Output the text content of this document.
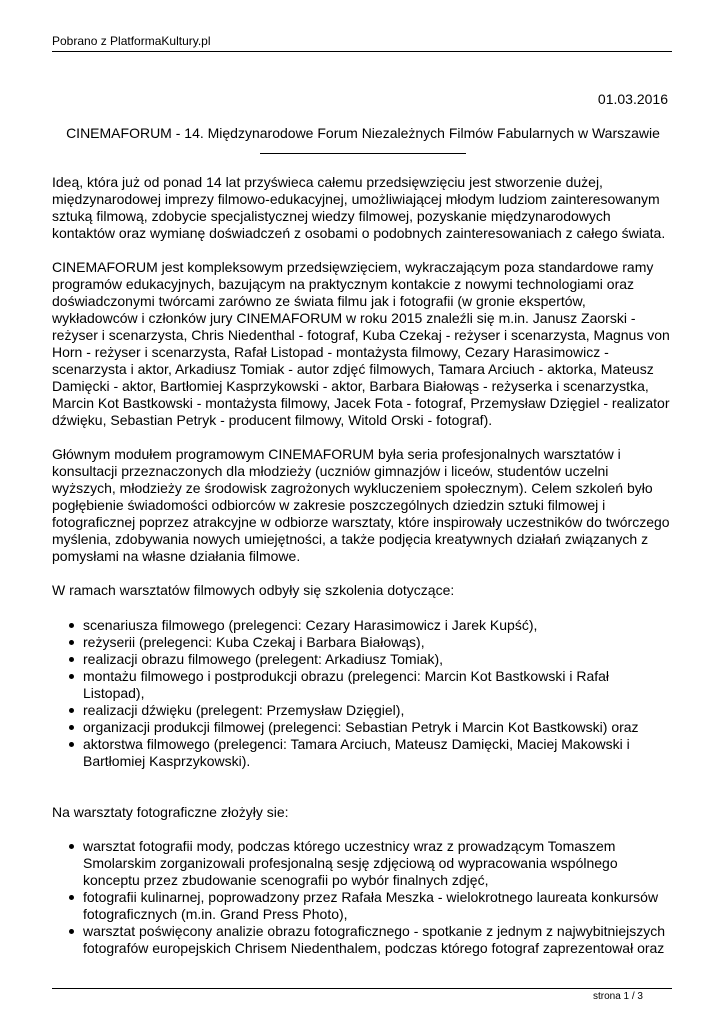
Pobrano z PlatformaKultury.pl
01.03.2016
CINEMAFORUM - 14. Międzynarodowe Forum Niezależnych Filmów Fabularnych w Warszawie

Ideą, która już od ponad 14 lat przyświeca całemu przedsięwzięciu jest stworzenie dużej, międzynarodowej imprezy filmowo-edukacyjnej, umożliwiającej młodym ludziom zainteresowanym sztuką filmową, zdobycie specjalistycznej wiedzy filmowej, pozyskanie międzynarodowych kontaktów oraz wymianę doświadczeń z osobami o podobnych zainteresowaniach z całego świata.

CINEMAFORUM jest kompleksowym przedsięwzięciem, wykraczającym poza standardowe ramy programów edukacyjnych, bazującym na praktycznym kontakcie z nowymi technologiami oraz doświadczonymi twórcami zarówno ze świata filmu jak i fotografii (w gronie ekspertów, wykładowców i członków jury CINEMAFORUM w roku 2015 znaleźli się m.in. Janusz Zaorski - reżyser i scenarzysta, Chris Niedenthal - fotograf, Kuba Czekaj - reżyser i scenarzysta, Magnus von Horn - reżyser i scenarzysta, Rafał Listopad - montażysta filmowy, Cezary Harasimowicz - scenarzysta i aktor, Arkadiusz Tomiak - autor zdjęć filmowych, Tamara Arciuch - aktorka, Mateusz Damięcki - aktor, Bartłomiej Kasprzykowski - aktor, Barbara Białowąs - reżyserka i scenarzystka, Marcin Kot Bastkowski - montażysta filmowy, Jacek Fota - fotograf, Przemysław Dzięgiel - realizator dźwięku, Sebastian Petryk - producent filmowy, Witold Orski - fotograf).

Głównym modułem programowym CINEMAFORUM była seria profesjonalnych warsztatów i konsultacji przeznaczonych dla młodzieży (uczniów gimnazjów i liceów, studentów uczelni wyższych, młodzieży ze środowisk zagrożonych wykluczeniem społecznym). Celem szkoleń było pogłębienie świadomości odbiorców w zakresie poszczególnych dziedzin sztuki filmowej i fotograficznej poprzez atrakcyjne w odbiorze warsztaty, które inspirowały uczestników do twórczego myślenia, zdobywania nowych umiejętności, a także podjęcia kreatywnych działań związanych z pomysłami na własne działania filmowe.

W ramach warsztatów filmowych odbyły się szkolenia dotyczące:

scenariusza filmowego (prelegenci: Cezary Harasimowicz i Jarek Kupść),
reżyserii (prelegenci: Kuba Czekaj i Barbara Białowąs),
realizacji obrazu filmowego (prelegent: Arkadiusz Tomiak),
montażu filmowego i postprodukcji obrazu (prelegenci: Marcin Kot Bastkowski i Rafał Listopad),
realizacji dźwięku (prelegent: Przemysław Dzięgiel),
organizacji produkcji filmowej (prelegenci: Sebastian Petryk i Marcin Kot Bastkowski) oraz
aktorstwa filmowego (prelegenci: Tamara Arciuch, Mateusz Damięcki, Maciej Makowski i Bartłomiej Kasprzykowski).

Na warsztaty fotograficzne złożyły sie:

warsztat fotografii mody, podczas którego uczestnicy wraz z prowadzącym Tomaszem Smolarskim zorganizowali profesjonalną sesję zdjęciową od wypracowania wspólnego konceptu przez zbudowanie scenografii po wybór finalnych zdjęć,
fotografii kulinarnej, poprowadzony przez Rafała Meszka - wielokrotnego laureata konkursów fotograficznych (m.in. Grand Press Photo),
warsztat poświęcony analizie obrazu fotograficznego - spotkanie z jednym z najwybitniejszych fotografów europejskich Chrisem Niedenthalem, podczas którego fotograf zaprezentował oraz
strona 1 / 3
